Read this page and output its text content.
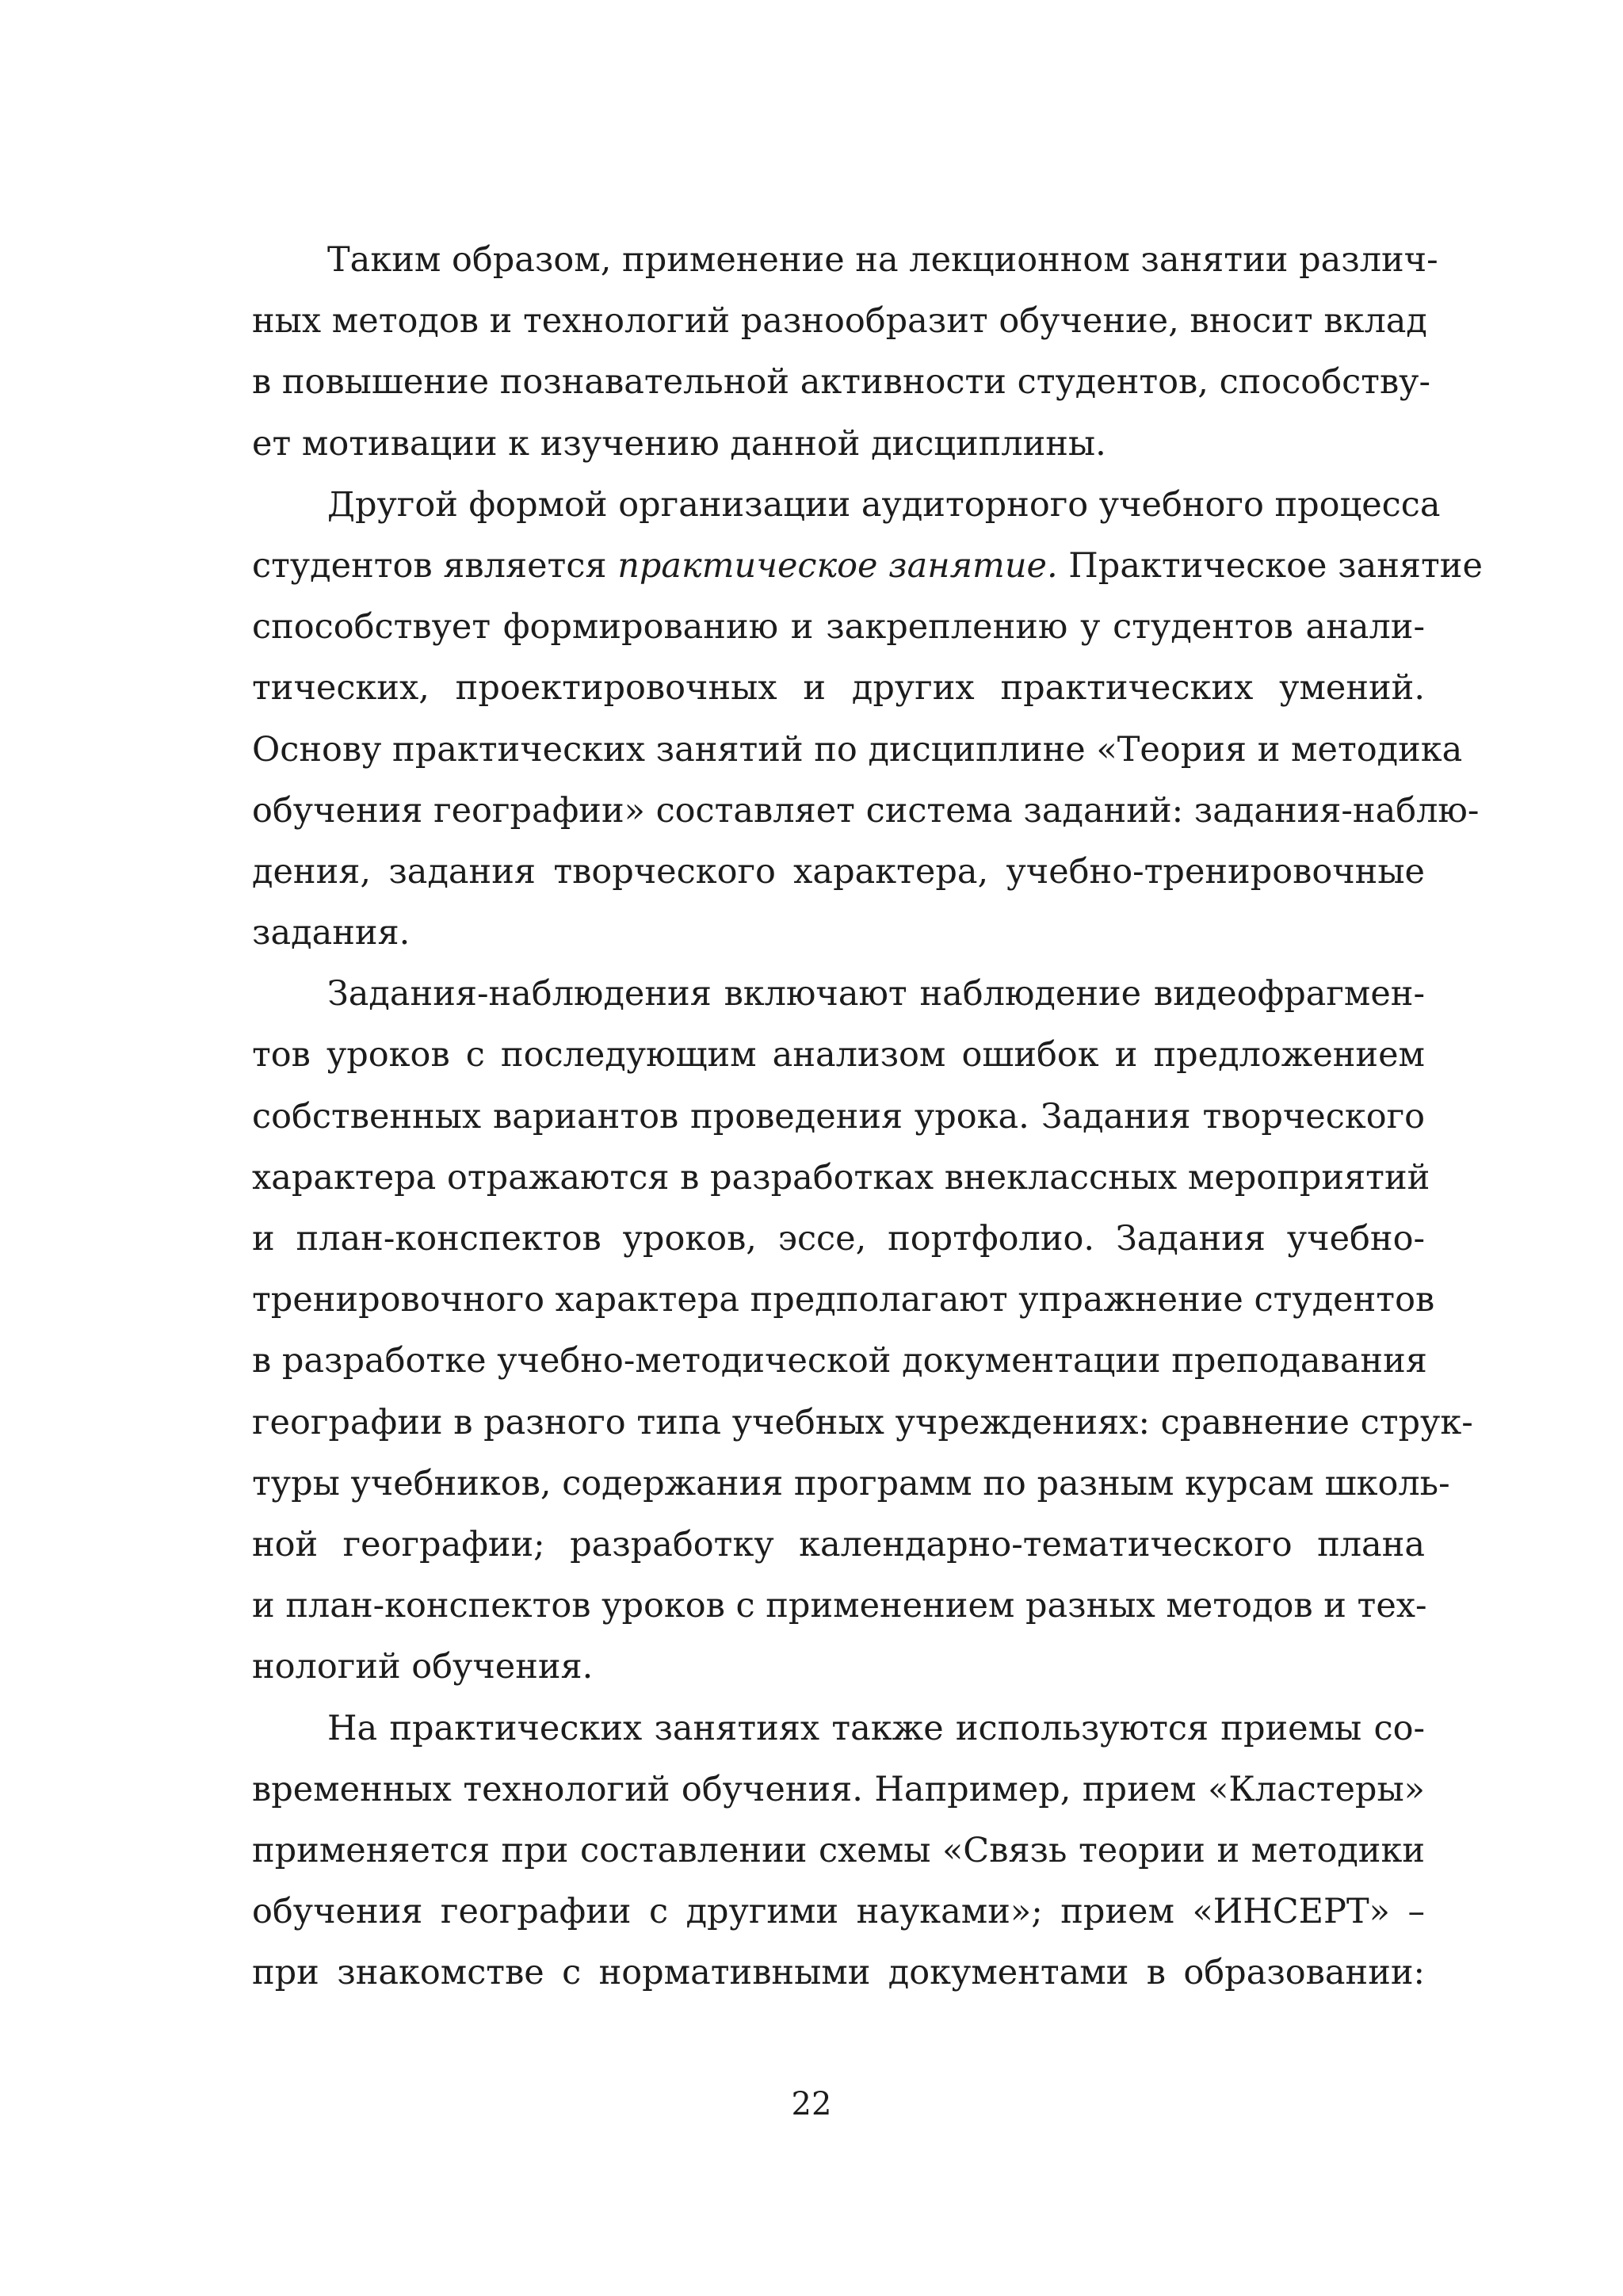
Таким образом, применение на лекционном занятии различ-
ных методов и технологий разнообразит обучение, вносит вклад
в повышение познавательной активности студентов, способству-
ет мотивации к изучению данной дисциплины.
Другой формой организации аудиторного учебного процесса
студентов является практическое занятие. Практическое занятие
способствует формированию и закреплению у студентов анали-
тических, проектировочных и других практических умений.
Основу практических занятий по дисциплине «Теория и методика
обучения географии» составляет система заданий: задания-наблю-
дения, задания творческого характера, учебно-тренировочные
задания.
Задания-наблюдения включают наблюдение видеофрагмен-
тов уроков с последующим анализом ошибок и предложением
собственных вариантов проведения урока. Задания творческого
характера отражаются в разработках внеклассных мероприятий
и план-конспектов уроков, эссе, портфолио. Задания учебно-
тренировочного характера предполагают упражнение студентов
в разработке учебно-методической документации преподавания
географии в разного типа учебных учреждениях: сравнение струк-
туры учебников, содержания программ по разным курсам школь-
ной географии; разработку календарно-тематического плана
и план-конспектов уроков с применением разных методов и тех-
нологий обучения.
На практических занятиях также используются приемы со-
временных технологий обучения. Например, прием «Кластеры»
применяется при составлении схемы «Связь теории и методики
обучения географии с другими науками»; прием «ИНСЕРТ» –
при знакомстве с нормативными документами в образовании:
22
